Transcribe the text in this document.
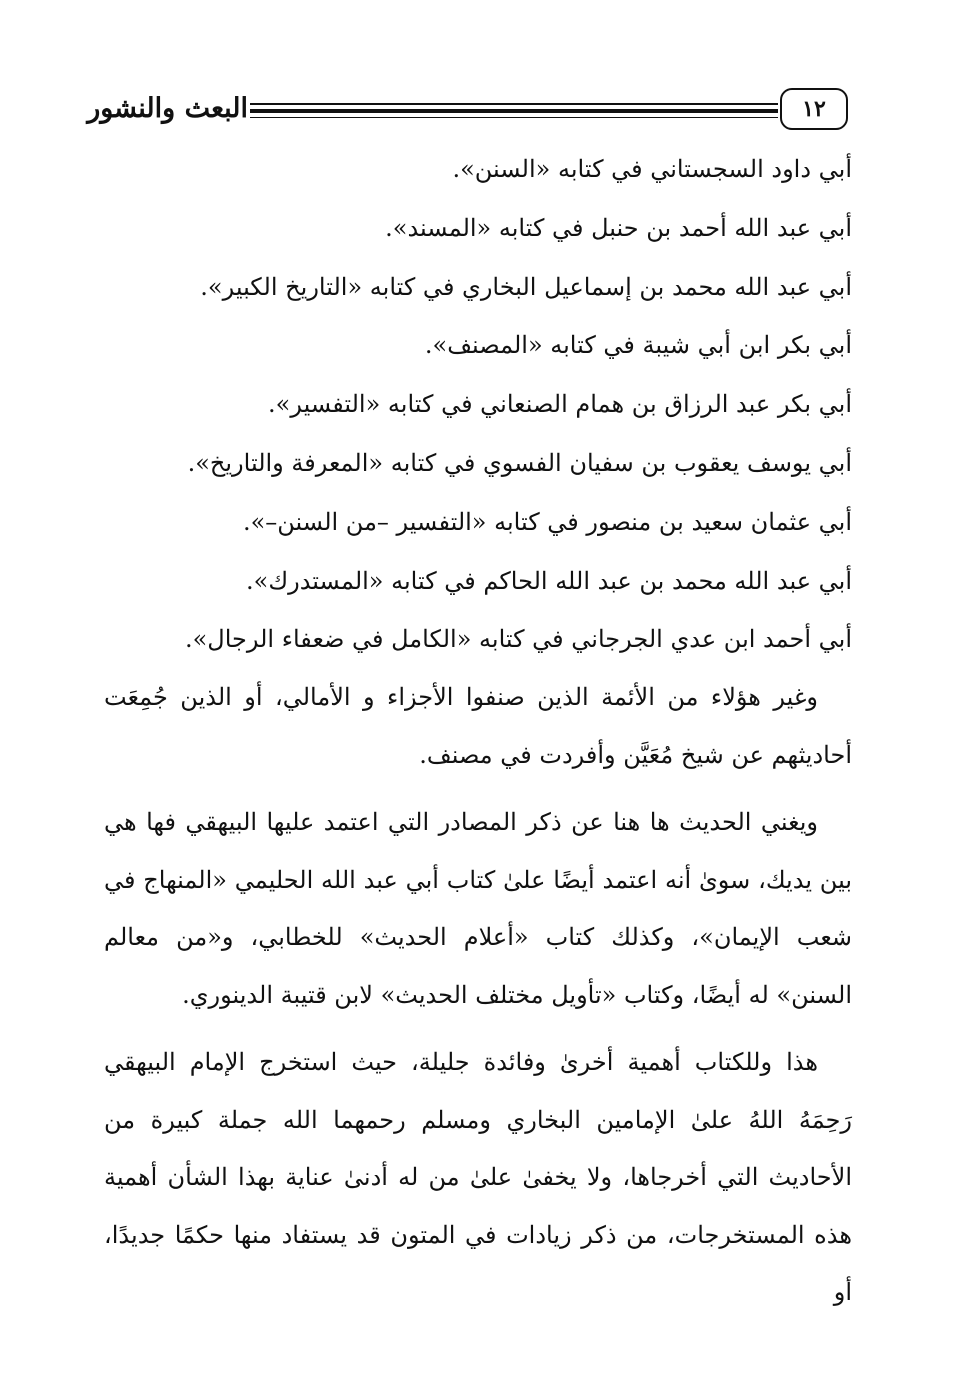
البعث والنشور	١٢
أبي داود السجستاني في كتابه «السنن».
أبي عبد الله أحمد بن حنبل في كتابه «المسند».
أبي عبد الله محمد بن إسماعيل البخاري في كتابه «التاريخ الكبير».
أبي بكر ابن أبي شيبة في كتابه «المصنف».
أبي بكر عبد الرزاق بن همام الصنعاني في كتابه «التفسير».
أبي يوسف يعقوب بن سفيان الفسوي في كتابه «المعرفة والتاريخ».
أبي عثمان سعيد بن منصور في كتابه «التفسير –من السنن–».
أبي عبد الله محمد بن عبد الله الحاكم في كتابه «المستدرك».
أبي أحمد ابن عدي الجرجاني في كتابه «الكامل في ضعفاء الرجال».

وغير هؤلاء من الأئمة الذين صنفوا الأجزاء و الأمالي، أو الذين جُمِعَت أحاديثهم عن شيخ مُعَيَّن وأفردت في مصنف.

ويغني الحديث ها هنا عن ذكر المصادر التي اعتمد عليها البيهقي فها هي بين يديك، سوىٰ أنه اعتمد أيضًا علىٰ كتاب أبي عبد الله الحليمي «المنهاج في شعب الإيمان»، وكذلك كتاب «أعلام الحديث» للخطابي، و«من معالم السنن» له أيضًا، وكتاب «تأويل مختلف الحديث» لابن قتيبة الدينوري.

هذا وللكتاب أهمية أخرىٰ وفائدة جليلة، حيث استخرج الإمام البيهقي رَحِمَهُ اللهُ علىٰ الإمامين البخاري ومسلم رحمهما الله جملة كبيرة من الأحاديث التي أخرجاها، ولا يخفىٰ علىٰ من له أدنىٰ عناية بهذا الشأن أهمية هذه المستخرجات، من ذكر زيادات في المتون قد يستفاد منها حكمًا جديدًا، أو
